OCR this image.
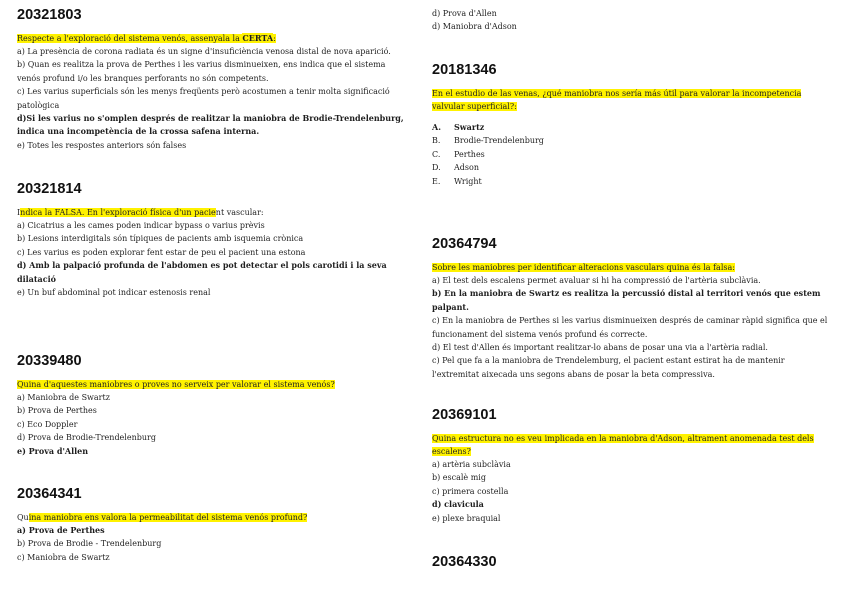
20321803

Respecte a l'exploració del sistema venós, assenyala la CERTA:

a) La presència de corona radiata és un signe d'insuficiència venosa distal de nova aparició.

b) Quan es realitza la prova de Perthes i les varius disminueixen, ens indica que el sistema venós profund i/o les branques perforants no són competents.

c) Les varius superficials són les menys freqüents però acostumen a tenir molta significació patològica

d)Si les varius no s'omplen després de realitzar la maniobra de Brodie-Trendelenburg, indica una incompetència de la crossa safena interna.

e) Totes les respostes anteriors són falses

20321814

Indica la FALSA. En l'exploració física d'un pacient vascular:

a) Cicatrius a les cames poden indicar bypass o varius prèvis

b) Lesions interdigitals són típiques de pacients amb isquemia crònica

c) Les varius es poden explorar fent estar de peu el pacient una estona

d) Amb la palpació profunda de l'abdomen es pot detectar el pols carotidi i la seva dilatació

e) Un buf abdominal pot indicar estenosis renal

20339480

Quina d'aquestes maniobres o proves no serveix per valorar el sistema venós?

a) Maniobra de Swartz

b) Prova de Perthes

c) Eco Doppler

d) Prova de Brodie-Trendelenburg

e) Prova d'Allen

20364341

Quina maniobra ens valora la permeabilitat del sistema venós profund?

a) Prova de Perthes

b) Prova de Brodie - Trendelenburg

c) Maniobra de Swartz

d) Prova d'Allen

d) Maniobra d'Adson

20181346

En el estudio de las venas, ¿qué maniobra nos sería más útil para valorar la incompetencia valvular superficial?:

A.	Swartz
B.	Brodie-Trendelenburg
C.	Perthes
D.	Adson
E.	Wright
20364794

Sobre les maniobres per identificar alteracions vasculars quina és la falsa:

a) El test dels escalens permet avaluar si hi ha compressió de l'artèria subclàvia.

b) En la maniobra de Swartz es realitza la percussió distal al territori venós que estem palpant.

c) En la maniobra de Perthes si les varius disminueixen després de caminar ràpid significa que el funcionament del sistema venós profund és correcte.

d) El test d'Allen és important realitzar-lo abans de posar una via a l'artèria radial.

c) Pel que fa a la maniobra de Trendelemburg, el pacient estant estirat ha de mantenir l'extremitat aixecada uns segons abans de posar la beta compressiva.

20369101

Quina estructura no es veu implicada en la maniobra d'Adson, altrament anomenada test dels escalens?

a) artèria subclàvia

b) escalè mig

c) primera costella

d) clavicula

e) plexe braquial

20364330
